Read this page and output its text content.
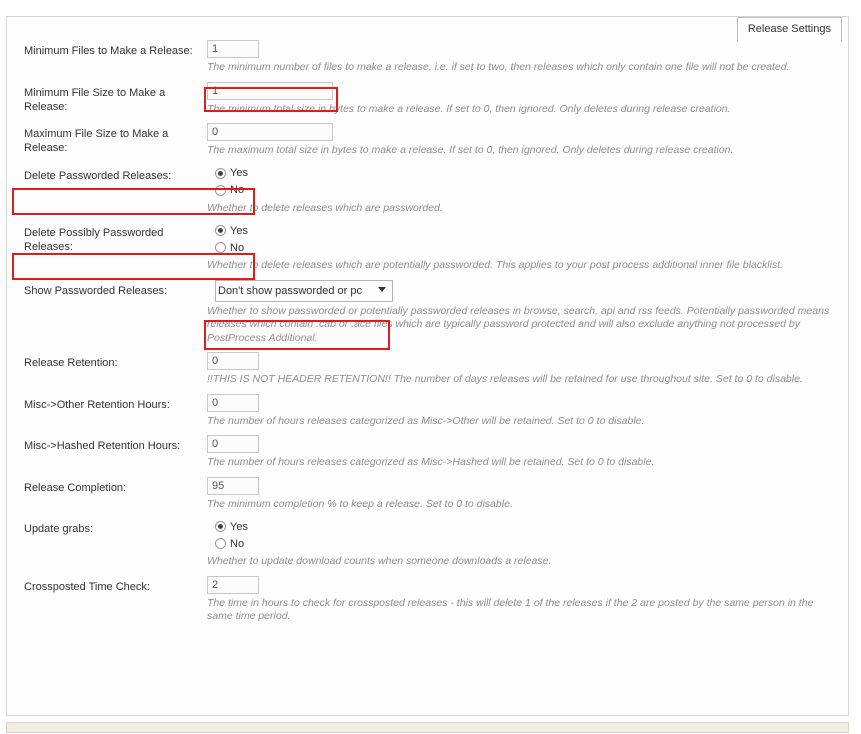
Release Settings
Minimum Files to Make a Release:
1
The minimum number of files to make a release. i.e. if set to two, then releases which only contain one file will not be created.
Minimum File Size to Make a Release:
1	The minimum total size in bytes to make a release. If set to 0, then ignored. Only deletes during release creation.
Maximum File Size to Make a Release:
0	The maximum total size in bytes to make a release. If set to 0, then ignored. Only deletes during release creation.
Delete Passworded Releases:	Yes
No
Whether to delete releases which are passworded.
Delete Possibly Passworded Releases:
Yes
No
Whether to delete releases which are potentially passworded. This applies to your post process additional inner file blacklist.
Show Passworded Releases:
Don't show passworded or pc
Whether to show passworded or potentially passworded releases in browse, search, api and rss feeds. Potentially passworded means releases which contain .cab or .ace files which are typically password protected and will also exclude anything not processed by PostProcess Additional.
Release Retention:
0
!!THIS IS NOT HEADER RETENTION!! The number of days releases will be retained for use throughout site. Set to 0 to disable.
Misc->Other Retention Hours:
0
The number of hours releases categorized as Misc->Other will be retained. Set to 0 to disable.
Misc->Hashed Retention Hours:
0
The number of hours releases categorized as Misc->Hashed will be retained. Set to 0 to disable.
Release Completion:
95
The minimum completion % to keep a release. Set to 0 to disable.
Update grabs:	Yes
No
Whether to update download counts when someone downloads a release.
Crossposted Time Check:
2
The time in hours to check for crossposted releases - this will delete 1 of the releases if the 2 are posted by the same person in the same time period.
